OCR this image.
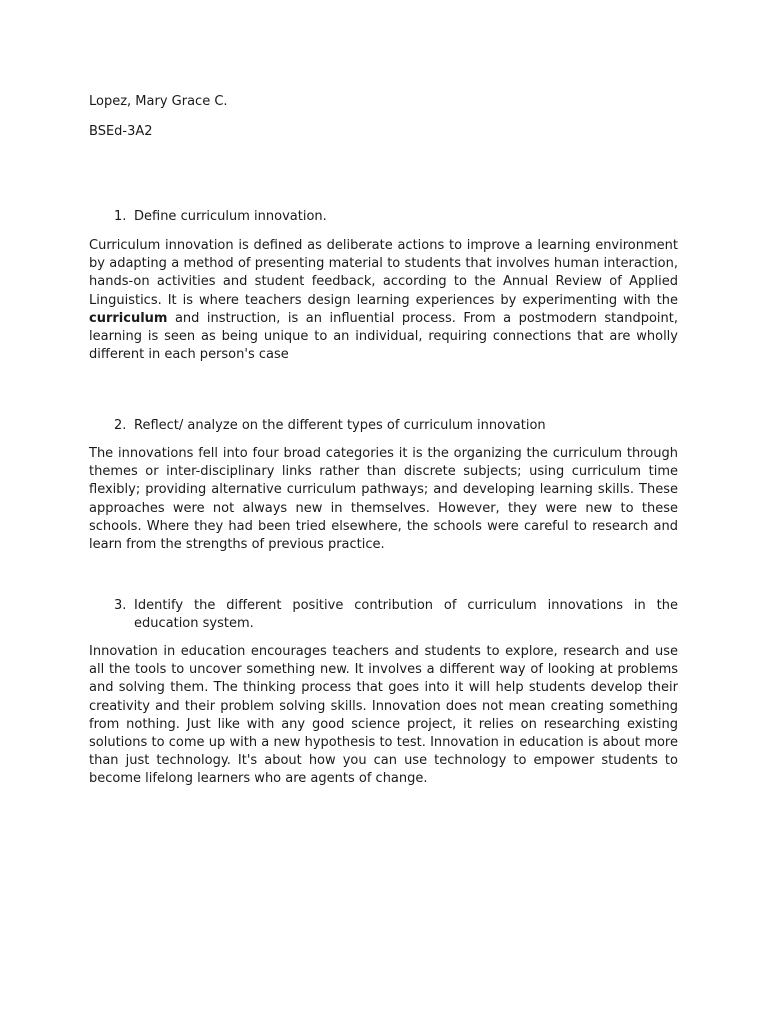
Lopez, Mary Grace C.
BSEd-3A2
1. Define curriculum innovation.
Curriculum innovation is defined as deliberate actions to improve a learning environment by adapting a method of presenting material to students that involves human interaction, hands-on activities and student feedback, according to the Annual Review of Applied Linguistics. It is where teachers design learning experiences by experimenting with the curriculum and instruction, is an influential process. From a postmodern standpoint, learning is seen as being unique to an individual, requiring connections that are wholly different in each person's case
2. Reflect/ analyze on the different types of curriculum innovation
The innovations fell into four broad categories it is the organizing the curriculum through themes or inter-disciplinary links rather than discrete subjects; using curriculum time flexibly; providing alternative curriculum pathways; and developing learning skills. These approaches were not always new in themselves. However, they were new to these schools. Where they had been tried elsewhere, the schools were careful to research and learn from the strengths of previous practice.
3. Identify the different positive contribution of curriculum innovations in the education system.
Innovation in education encourages teachers and students to explore, research and use all the tools to uncover something new. It involves a different way of looking at problems and solving them. The thinking process that goes into it will help students develop their creativity and their problem solving skills. Innovation does not mean creating something from nothing. Just like with any good science project, it relies on researching existing solutions to come up with a new hypothesis to test. Innovation in education is about more than just technology. It's about how you can use technology to empower students to become lifelong learners who are agents of change.
